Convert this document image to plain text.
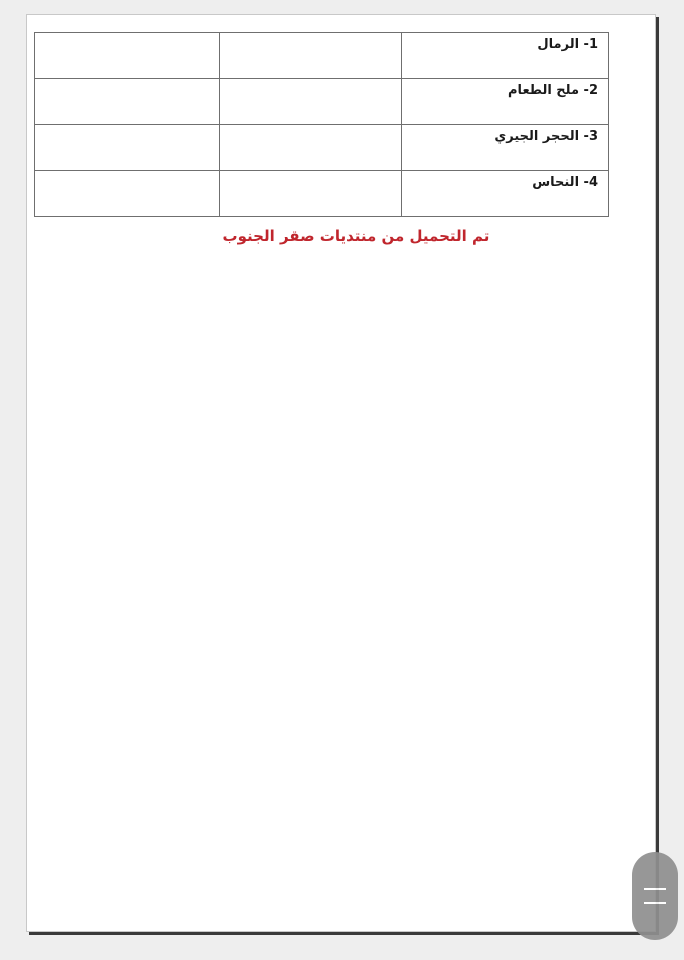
1- الرمال		
2- ملح الطعام		
3- الحجر الجيري		
4- النحاس		
تم التحميل من منتديات صقر الجنوب
